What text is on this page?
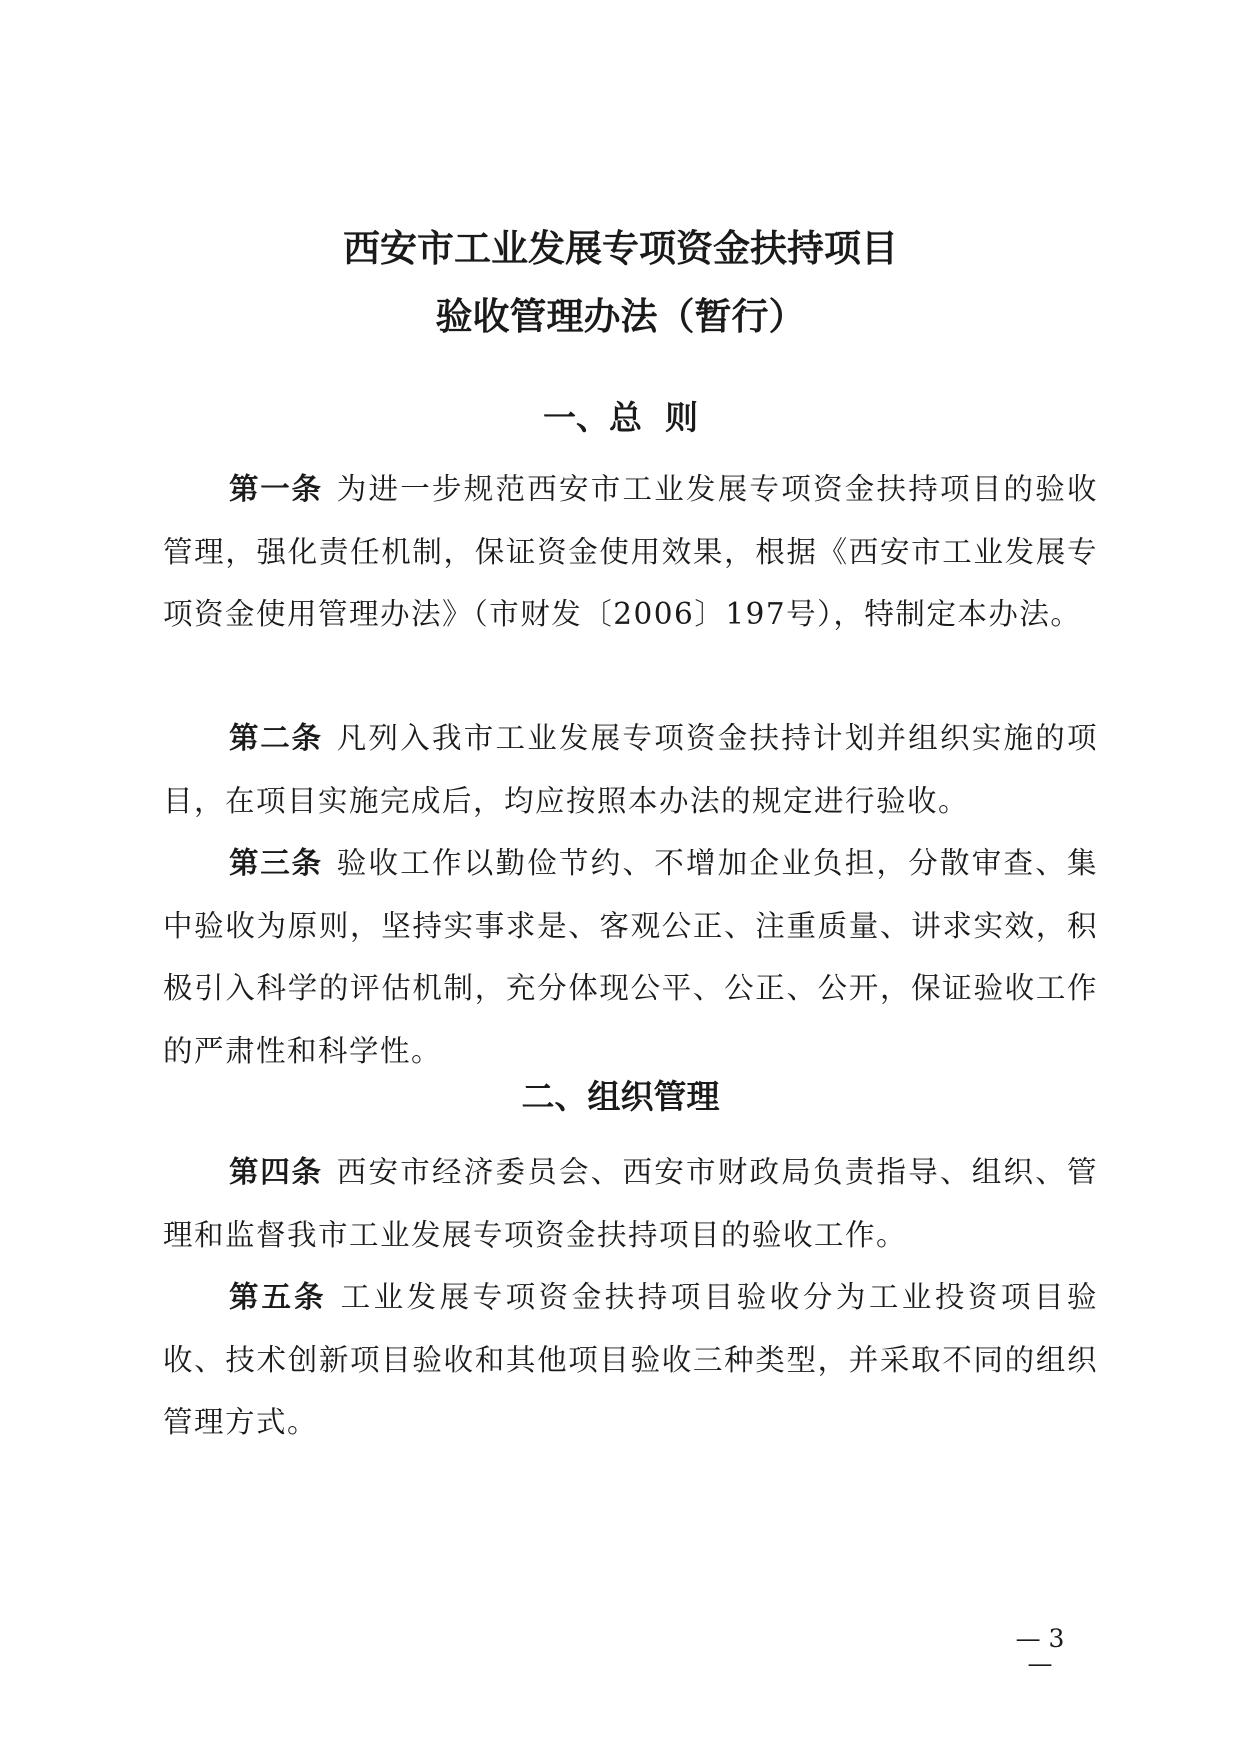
西安市工业发展专项资金扶持项目
验收管理办法（暂行）
一、总  则

第一条 为进一步规范西安市工业发展专项资金扶持项目的验收管理，强化责任机制，保证资金使用效果，根据《西安市工业发展专项资金使用管理办法》（市财发〔2006〕197号），特制定本办法。

第二条 凡列入我市工业发展专项资金扶持计划并组织实施的项目，在项目实施完成后，均应按照本办法的规定进行验收。

第三条 验收工作以勤俭节约、不增加企业负担，分散审查、集中验收为原则，坚持实事求是、客观公正、注重质量、讲求实效，积极引入科学的评估机制，充分体现公平、公正、公开，保证验收工作的严肃性和科学性。

二、组织管理

第四条 西安市经济委员会、西安市财政局负责指导、组织、管理和监督我市工业发展专项资金扶持项目的验收工作。

第五条 工业发展专项资金扶持项目验收分为工业投资项目验收、技术创新项目验收和其他项目验收三种类型，并采取不同的组织管理方式。

— 3 —
